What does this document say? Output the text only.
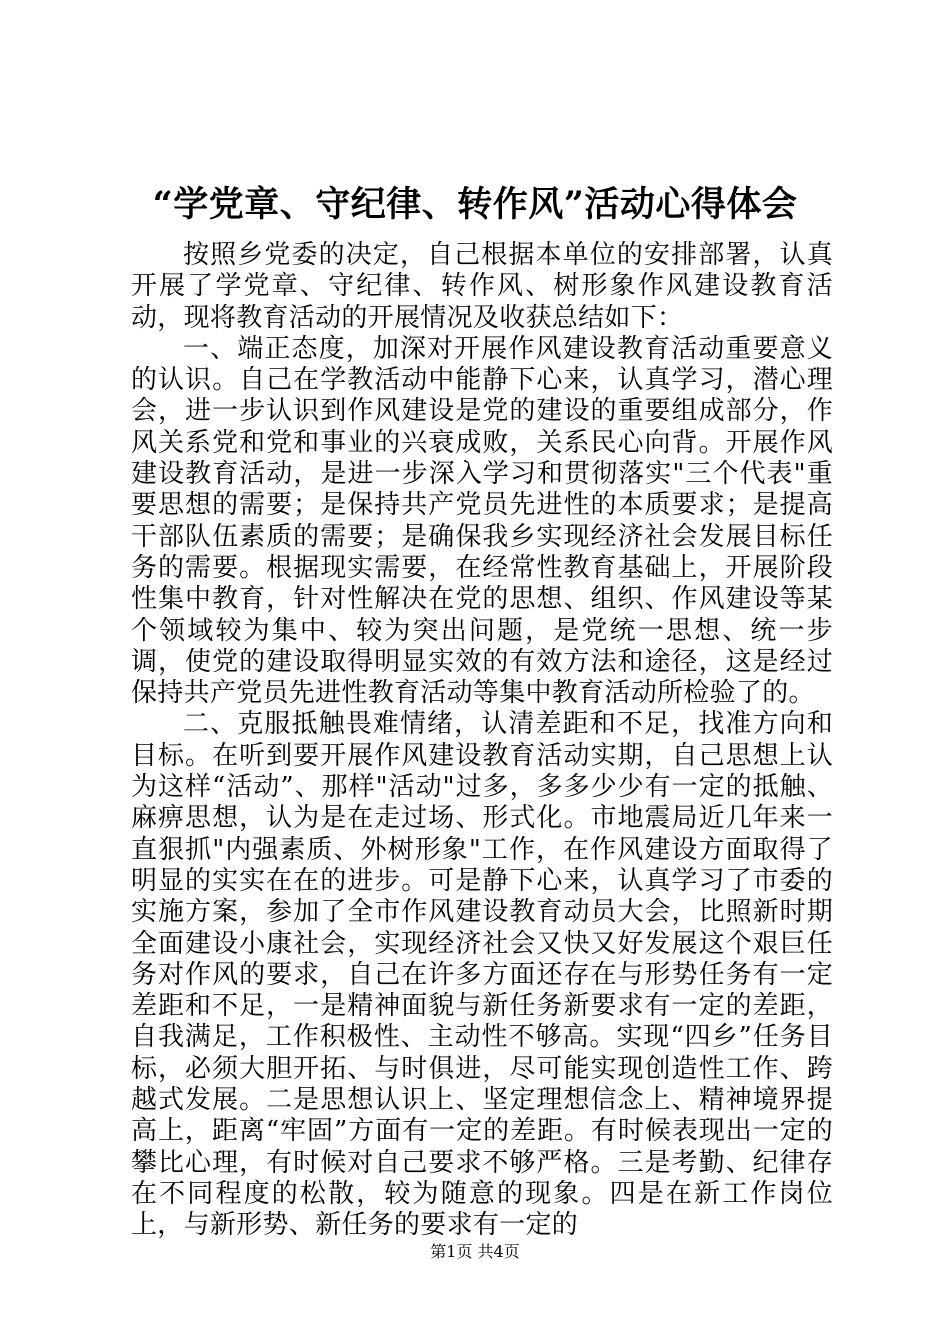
“学党章、守纪律、转作风”活动心得体会

按照乡党委的决定，自己根据本单位的安排部署，认真开展了学党章、守纪律、转作风、树形象作风建设教育活动，现将教育活动的开展情况及收获总结如下：

一、端正态度，加深对开展作风建设教育活动重要意义的认识。自己在学教活动中能静下心来，认真学习，潜心理会，进一步认识到作风建设是党的建设的重要组成部分，作风关系党和党和事业的兴衰成败，关系民心向背。开展作风建设教育活动，是进一步深入学习和贯彻落实"三个代表"重要思想的需要；是保持共产党员先进性的本质要求；是提高干部队伍素质的需要；是确保我乡实现经济社会发展目标任务的需要。根据现实需要，在经常性教育基础上，开展阶段性集中教育，针对性解决在党的思想、组织、作风建设等某个领域较为集中、较为突出问题，是党统一思想、统一步调，使党的建设取得明显实效的有效方法和途径，这是经过保持共产党员先进性教育活动等集中教育活动所检验了的。

二、克服抵触畏难情绪，认清差距和不足，找准方向和目标。在听到要开展作风建设教育活动实期，自己思想上认为这样“活动”、那样"活动"过多，多多少少有一定的抵触、麻痹思想，认为是在走过场、形式化。市地震局近几年来一直狠抓"内强素质、外树形象"工作，在作风建设方面取得了明显的实实在在的进步。可是静下心来，认真学习了市委的实施方案，参加了全市作风建设教育动员大会，比照新时期全面建设小康社会，实现经济社会又快又好发展这个艰巨任务对作风的要求，自己在许多方面还存在与形势任务有一定差距和不足，一是精神面貌与新任务新要求有一定的差距，自我满足，工作积极性、主动性不够高。实现“四乡”任务目标，必须大胆开拓、与时俱进，尽可能实现创造性工作、跨越式发展。二是思想认识上、坚定理想信念上、精神境界提高上，距离“牢固”方面有一定的差距。有时候表现出一定的攀比心理，有时候对自己要求不够严格。三是考勤、纪律存在不同程度的松散，较为随意的现象。四是在新工作岗位上，与新形势、新任务的要求有一定的

第1页 共4页
